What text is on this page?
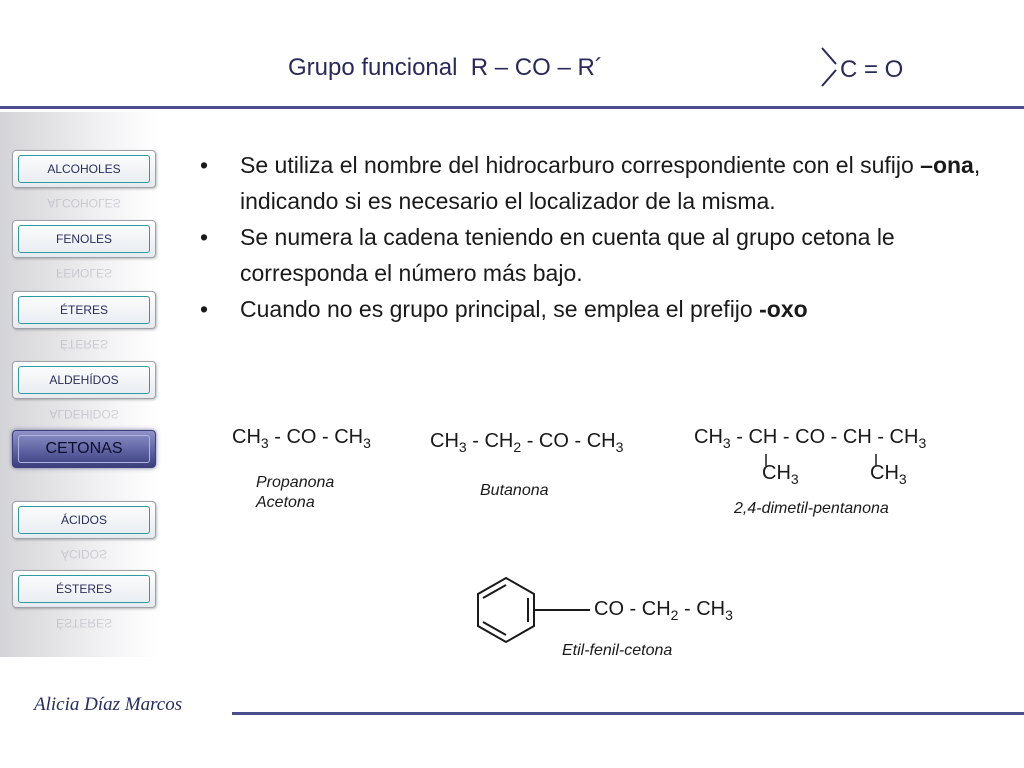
Grupo funcional  R – CO – R´	C = O
ALCOHOLES
ALCOHOLES
FENOLES
FENOLES
ÉTERES
ÉTERES
ALDEHÍDOS
ALDEHÍDOS
CETONAS
ÁCIDOS
ÁCIDOS
ÉSTERES
ÉSTERES
• Se utiliza el nombre del hidrocarburo correspondiente con el sufijo –ona, indicando si es necesario el localizador de la misma.
• Se numera la cadena teniendo en cuenta que al grupo cetona le corresponda el número más bajo.
• Cuando no es grupo principal, se emplea el prefijo -oxo
$CH_3$ - CO - $CH_3$
Propanona
Acetona
$CH_3 - CH_2$ - CO - $CH_3$
Butanona
$CH_3$ - CH - CO - CH - $CH_3$
$CH_3$	$CH_3$
2,4-dimetil-pentanona
CO - $CH_2 - CH_3$
Etil-fenil-cetona
Alicia Díaz Marcos
